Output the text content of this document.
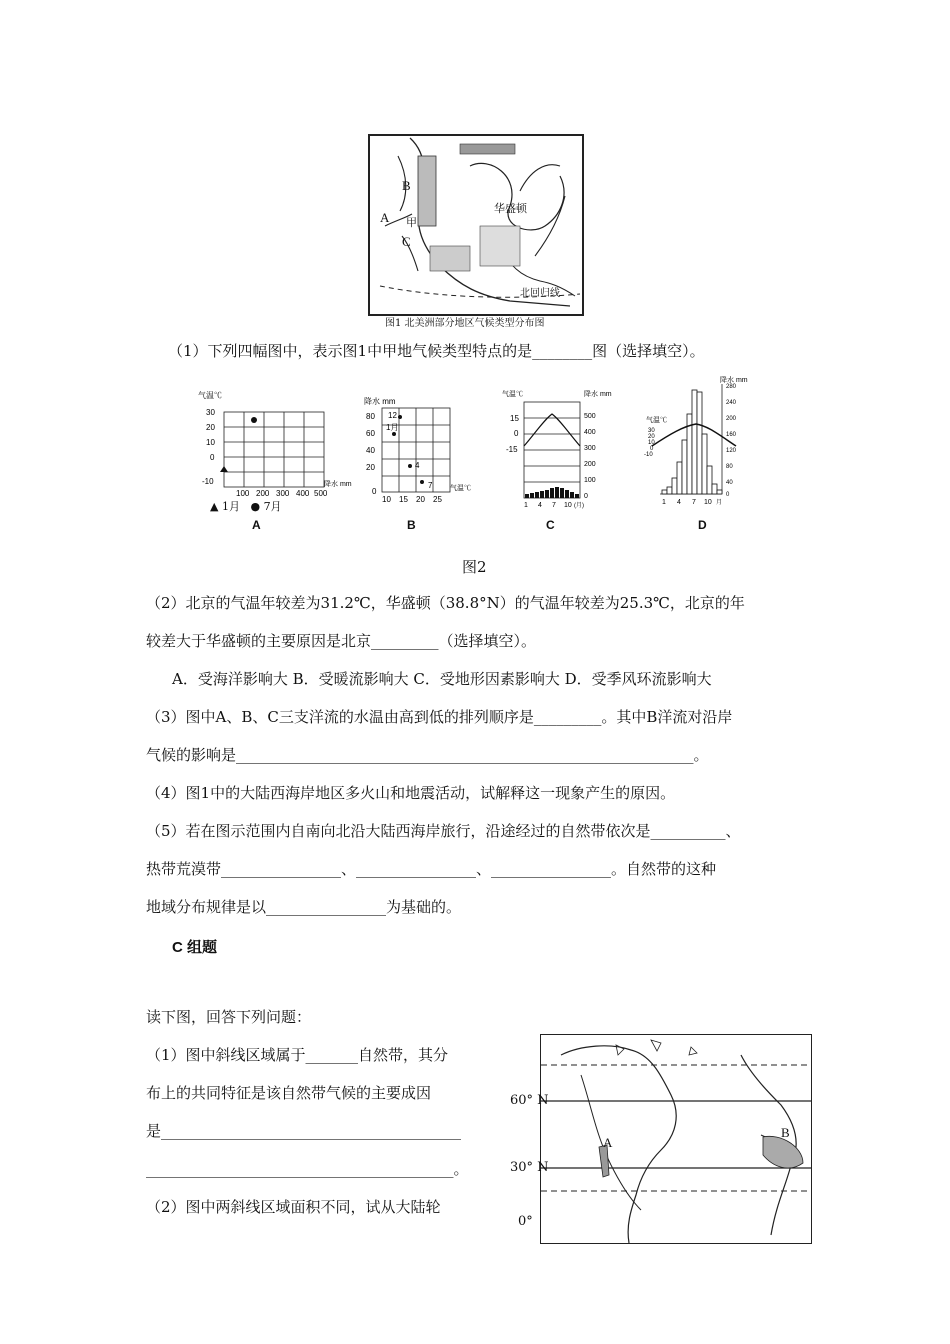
B
A
C
甲
华盛顿
北回归线
图1 北美洲部分地区气候类型分布图
（1）下列四幅图中，表示图1中甲地气候类型特点的是________图（选择填空）。
气温℃
30
20
10
0
-10
100 200 300 400 500
降水 mm
▲ 1月   ● 7月
A
降水 mm
80
60
40
20
0
10 15 20 25
气温℃
12
1月
4
7
B
气温℃	降水 mm
15
0
-15
500
400
300
200
100
0
1 4 7 10 (月)
C
降水 mm
气温℃
30
20
10
0
-10
280
240
200
160
120
80
40
0
1 4 7 10 月
D
图2
（2）北京的气温年较差为31.2℃，华盛顿（38.8°N）的气温年较差为25.3℃，北京的年
较差大于华盛顿的主要原因是北京_________（选择填空）。
A．受海洋影响大 B．受暖流影响大 C．受地形因素影响大 D．受季风环流影响大
（3）图中A、B、C三支洋流的水温由高到低的排列顺序是_________。其中B洋流对沿岸
气候的影响是_____________________________________________________________。
（4）图1中的大陆西海岸地区多火山和地震活动，试解释这一现象产生的原因。
（5）若在图示范围内自南向北沿大陆西海岸旅行，沿途经过的自然带依次是__________、
热带荒漠带________________、________________、________________。自然带的这种
地域分布规律是以________________为基础的。
C 组题
读下图，回答下列问题：
（1）图中斜线区域属于_______自然带，其分
布上的共同特征是该自然带气候的主要成因
是________________________________________
_________________________________________。
（2）图中两斜线区域面积不同，试从大陆轮
A
B
60° N
30° N
0°
